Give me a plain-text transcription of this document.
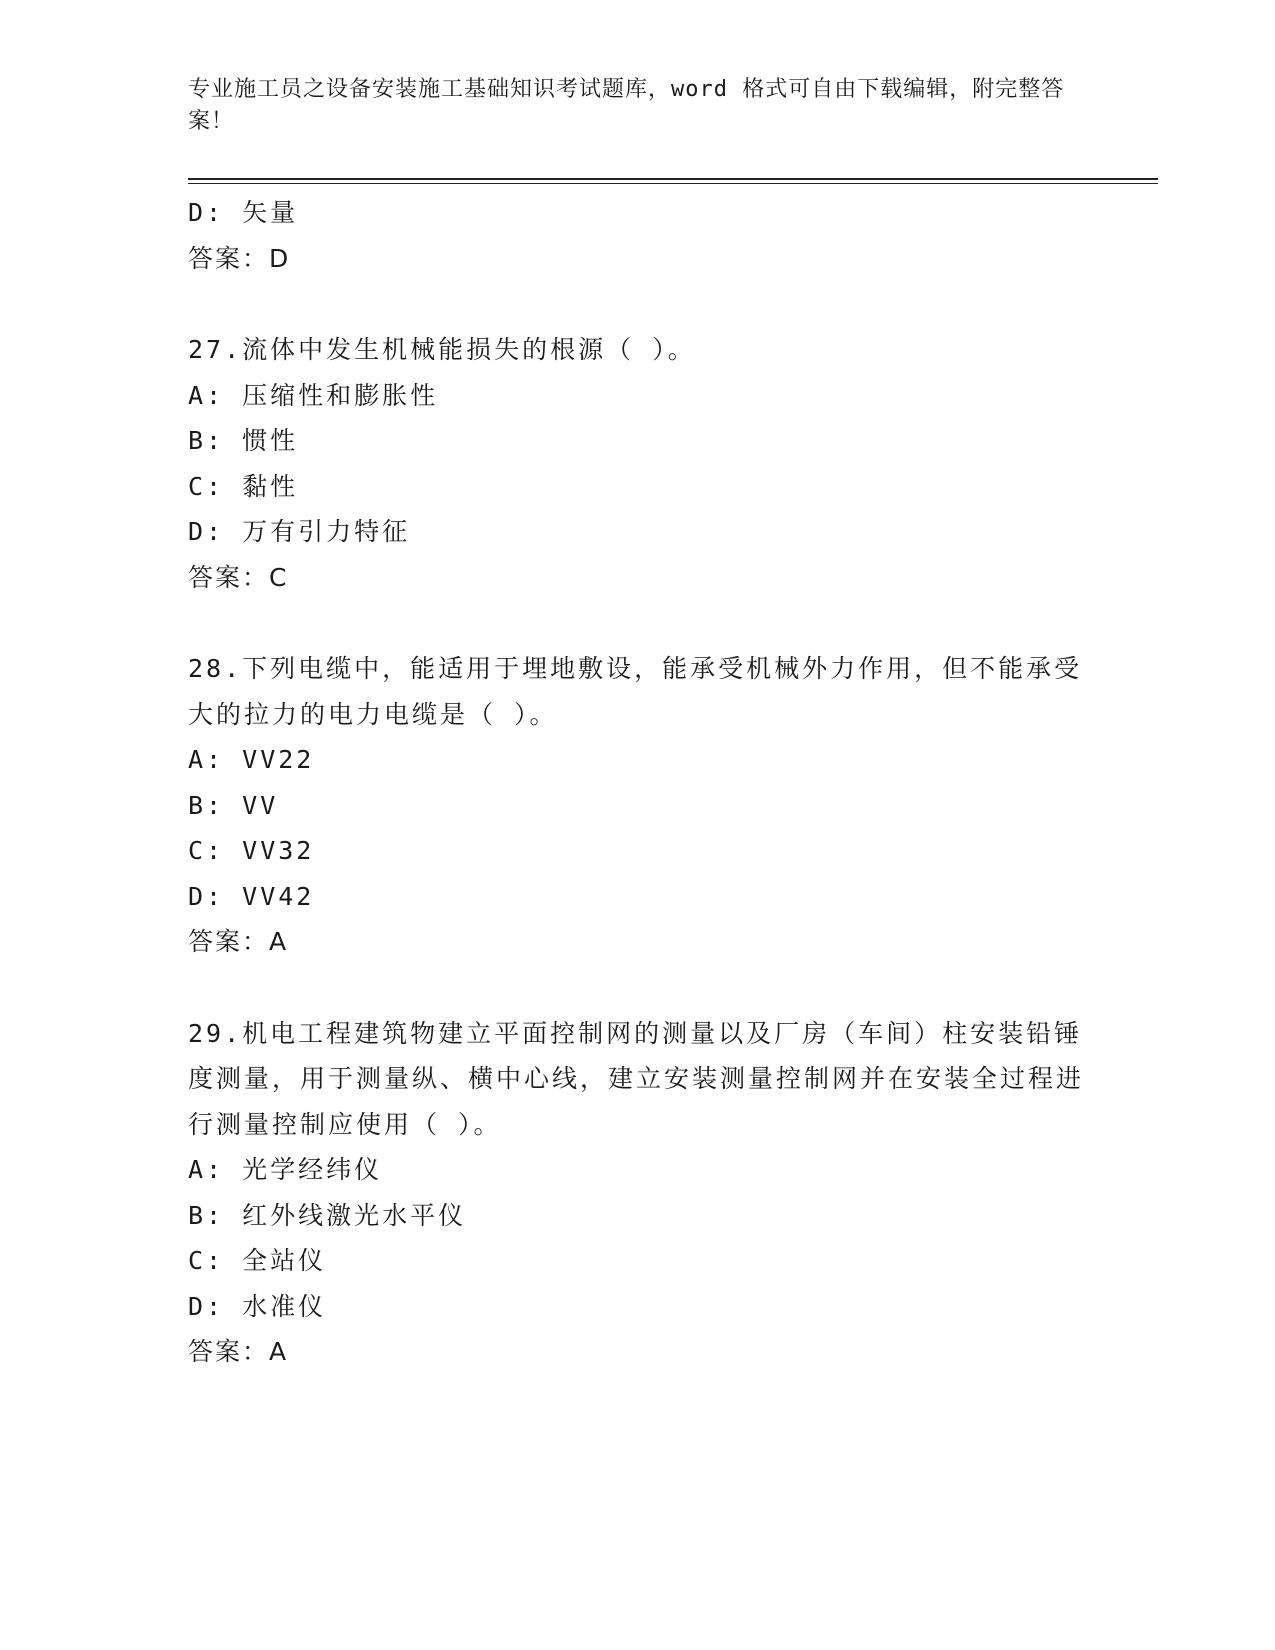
专业施工员之设备安装施工基础知识考试题库，word 格式可自由下载编辑，附完整答案！
D: 矢量
答案：D
27.流体中发生机械能损失的根源（ ）。
A: 压缩性和膨胀性
B: 惯性
C: 黏性
D: 万有引力特征
答案：C
28.下列电缆中，能适用于埋地敷设，能承受机械外力作用，但不能承受大的拉力的电力电缆是（ ）。
A: VV22
B: VV
C: VV32
D: VV42
答案：A
29.机电工程建筑物建立平面控制网的测量以及厂房（车间）柱安装铅锤度测量，用于测量纵、横中心线，建立安装测量控制网并在安装全过程进行测量控制应使用（ ）。
A: 光学经纬仪
B: 红外线激光水平仪
C: 全站仪
D: 水准仪
答案：A
